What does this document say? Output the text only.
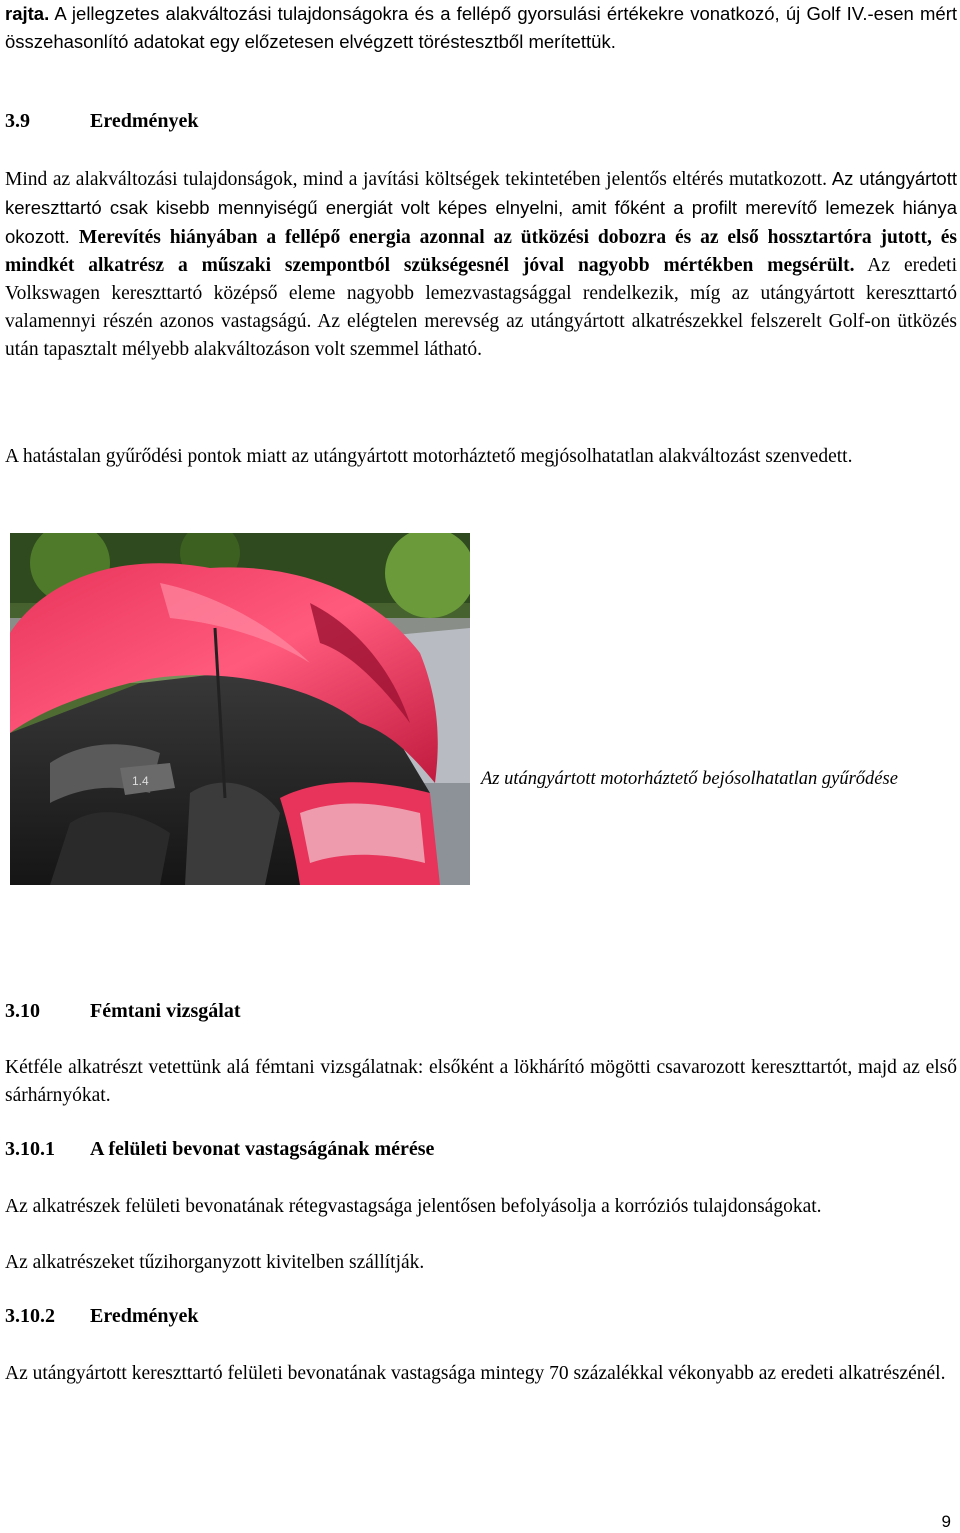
rajta. A jellegzetes alakváltozási tulajdonságokra és a fellépő gyorsulási értékekre vonatkozó, új Golf IV.-esen mért összehasonlító adatokat egy előzetesen elvégzett töréstesztből merítettük.

3.9	Eredmények

Mind az alakváltozási tulajdonságok, mind a javítási költségek tekintetében jelentős eltérés mutatkozott. Az utángyártott kereszttartó csak kisebb mennyiségű energiát volt képes elnyelni, amit főként a profilt merevítő lemezek hiánya okozott. Merevítés hiányában a fellépő energia azonnal az ütközési dobozra és az első hossztartóra jutott, és mindkét alkatrész a műszaki szempontból szükségesnél jóval nagyobb mértékben megsérült. Az eredeti Volkswagen kereszttartó középső eleme nagyobb lemezvastagsággal rendelkezik, míg az utángyártott kereszttartó valamennyi részén azonos vastagságú. Az elégtelen merevség az utángyártott alkatrészekkel felszerelt Golf-on ütközés után tapasztalt mélyebb alakváltozáson volt szemmel látható.

A hatástalan gyűrődési pontok miatt az utángyártott motorháztető megjósolhatatlan alakváltozást szenvedett.

1.4	Az utángyártott motorháztető bejósolhatatlan gyűrődése
3.10	Fémtani vizsgálat

Kétféle alkatrészt vetettünk alá fémtani vizsgálatnak: elsőként a lökhárító mögötti csavarozott kereszttartót, majd az első sárhárnyókat.

3.10.1 A felületi bevonat vastagságának mérése

Az alkatrészek felületi bevonatának rétegvastagsága jelentősen befolyásolja a korróziós tulajdonságokat.

Az alkatrészeket tűzihorganyzott kivitelben szállítják.

3.10.2 Eredmények

Az utángyártott kereszttartó felületi bevonatának vastagsága mintegy 70 százalékkal vékonyabb az eredeti alkatrészénél.

9
